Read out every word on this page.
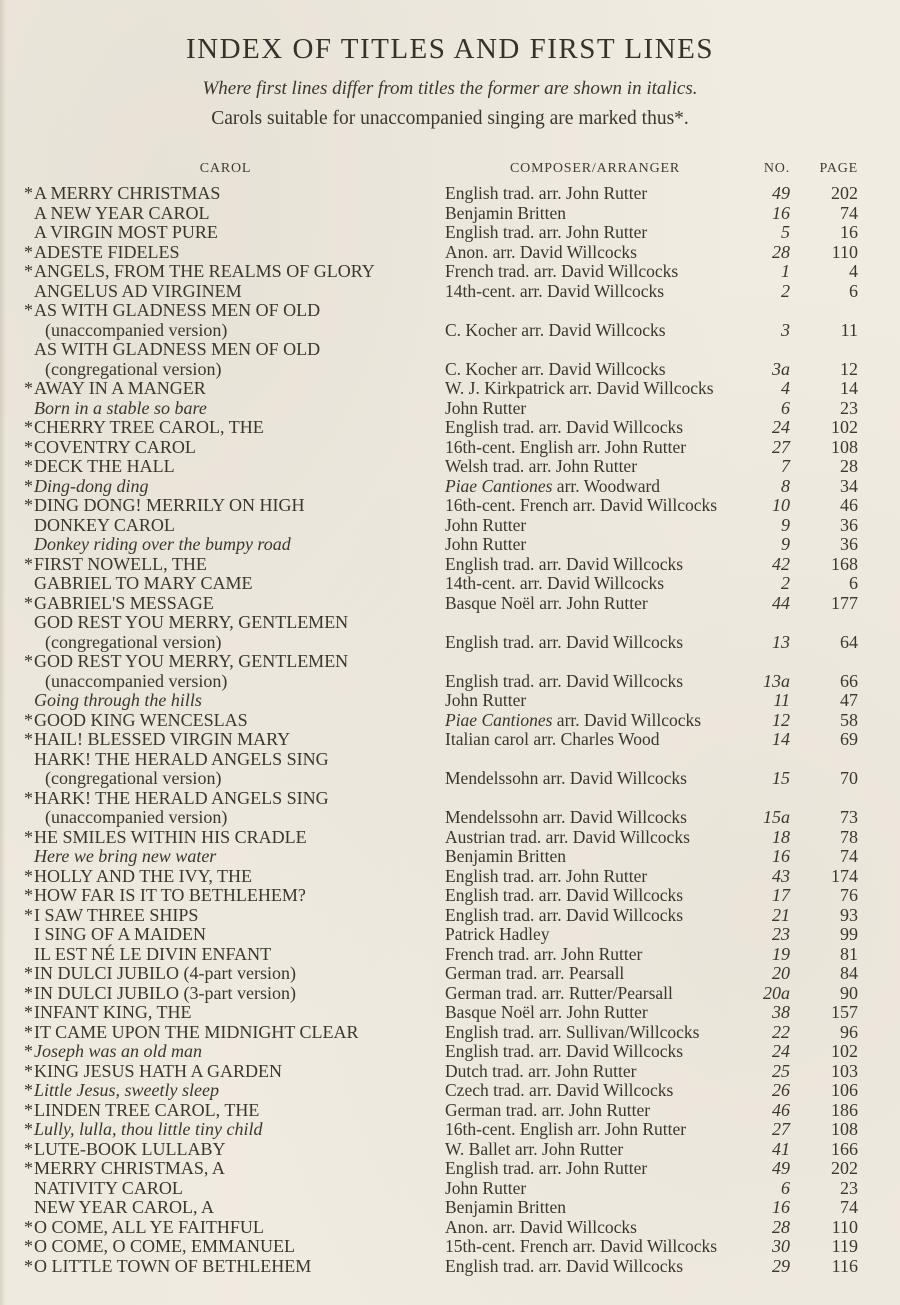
INDEX OF TITLES AND FIRST LINES
Where first lines differ from titles the former are shown in italics.
Carols suitable for unaccompanied singing are marked thus*.
CAROL	COMPOSER/ARRANGER	NO.	PAGE
* A MERRY CHRISTMAS	English trad. arr. John Rutter	49	202
A NEW YEAR CAROL	Benjamin Britten	16	74
A VIRGIN MOST PURE	English trad. arr. John Rutter	5	16
* ADESTE FIDELES	Anon. arr. David Willcocks	28	110
* ANGELS, FROM THE REALMS OF GLORY	French trad. arr. David Willcocks	1	4
ANGELUS AD VIRGINEM	14th-cent. arr. David Willcocks	2	6
* AS WITH GLADNESS MEN OF OLD
(unaccompanied version)	C. Kocher arr. David Willcocks	3	11
AS WITH GLADNESS MEN OF OLD
(congregational version)	C. Kocher arr. David Willcocks	3a	12
* AWAY IN A MANGER	W. J. Kirkpatrick arr. David Willcocks	4	14
Born in a stable so bare	John Rutter	6	23
* CHERRY TREE CAROL, THE	English trad. arr. David Willcocks	24	102
* COVENTRY CAROL	16th-cent. English arr. John Rutter	27	108
* DECK THE HALL	Welsh trad. arr. John Rutter	7	28
* Ding-dong ding	Piae Cantiones arr. Woodward	8	34
* DING DONG! MERRILY ON HIGH	16th-cent. French arr. David Willcocks	10	46
DONKEY CAROL	John Rutter	9	36
Donkey riding over the bumpy road	John Rutter	9	36
* FIRST NOWELL, THE	English trad. arr. David Willcocks	42	168
GABRIEL TO MARY CAME	14th-cent. arr. David Willcocks	2	6
* GABRIEL'S MESSAGE	Basque Noël arr. John Rutter	44	177
GOD REST YOU MERRY, GENTLEMEN
(congregational version)	English trad. arr. David Willcocks	13	64
* GOD REST YOU MERRY, GENTLEMEN
(unaccompanied version)	English trad. arr. David Willcocks	13a	66
Going through the hills	John Rutter	11	47
* GOOD KING WENCESLAS	Piae Cantiones arr. David Willcocks	12	58
* HAIL! BLESSED VIRGIN MARY	Italian carol arr. Charles Wood	14	69
HARK! THE HERALD ANGELS SING
(congregational version)	Mendelssohn arr. David Willcocks	15	70
* HARK! THE HERALD ANGELS SING
(unaccompanied version)	Mendelssohn arr. David Willcocks	15a	73
* HE SMILES WITHIN HIS CRADLE	Austrian trad. arr. David Willcocks	18	78
Here we bring new water	Benjamin Britten	16	74
* HOLLY AND THE IVY, THE	English trad. arr. John Rutter	43	174
* HOW FAR IS IT TO BETHLEHEM?	English trad. arr. David Willcocks	17	76
* I SAW THREE SHIPS	English trad. arr. David Willcocks	21	93
I SING OF A MAIDEN	Patrick Hadley	23	99
IL EST NÉ LE DIVIN ENFANT	French trad. arr. John Rutter	19	81
* IN DULCI JUBILO (4-part version)	German trad. arr. Pearsall	20	84
* IN DULCI JUBILO (3-part version)	German trad. arr. Rutter/Pearsall	20a	90
* INFANT KING, THE	Basque Noël arr. John Rutter	38	157
* IT CAME UPON THE MIDNIGHT CLEAR	English trad. arr. Sullivan/Willcocks	22	96
* Joseph was an old man	English trad. arr. David Willcocks	24	102
* KING JESUS HATH A GARDEN	Dutch trad. arr. John Rutter	25	103
* Little Jesus, sweetly sleep	Czech trad. arr. David Willcocks	26	106
* LINDEN TREE CAROL, THE	German trad. arr. John Rutter	46	186
* Lully, lulla, thou little tiny child	16th-cent. English arr. John Rutter	27	108
* LUTE-BOOK LULLABY	W. Ballet arr. John Rutter	41	166
* MERRY CHRISTMAS, A	English trad. arr. John Rutter	49	202
NATIVITY CAROL	John Rutter	6	23
NEW YEAR CAROL, A	Benjamin Britten	16	74
* O COME, ALL YE FAITHFUL	Anon. arr. David Willcocks	28	110
* O COME, O COME, EMMANUEL	15th-cent. French arr. David Willcocks	30	119
* O LITTLE TOWN OF BETHLEHEM	English trad. arr. David Willcocks	29	116
